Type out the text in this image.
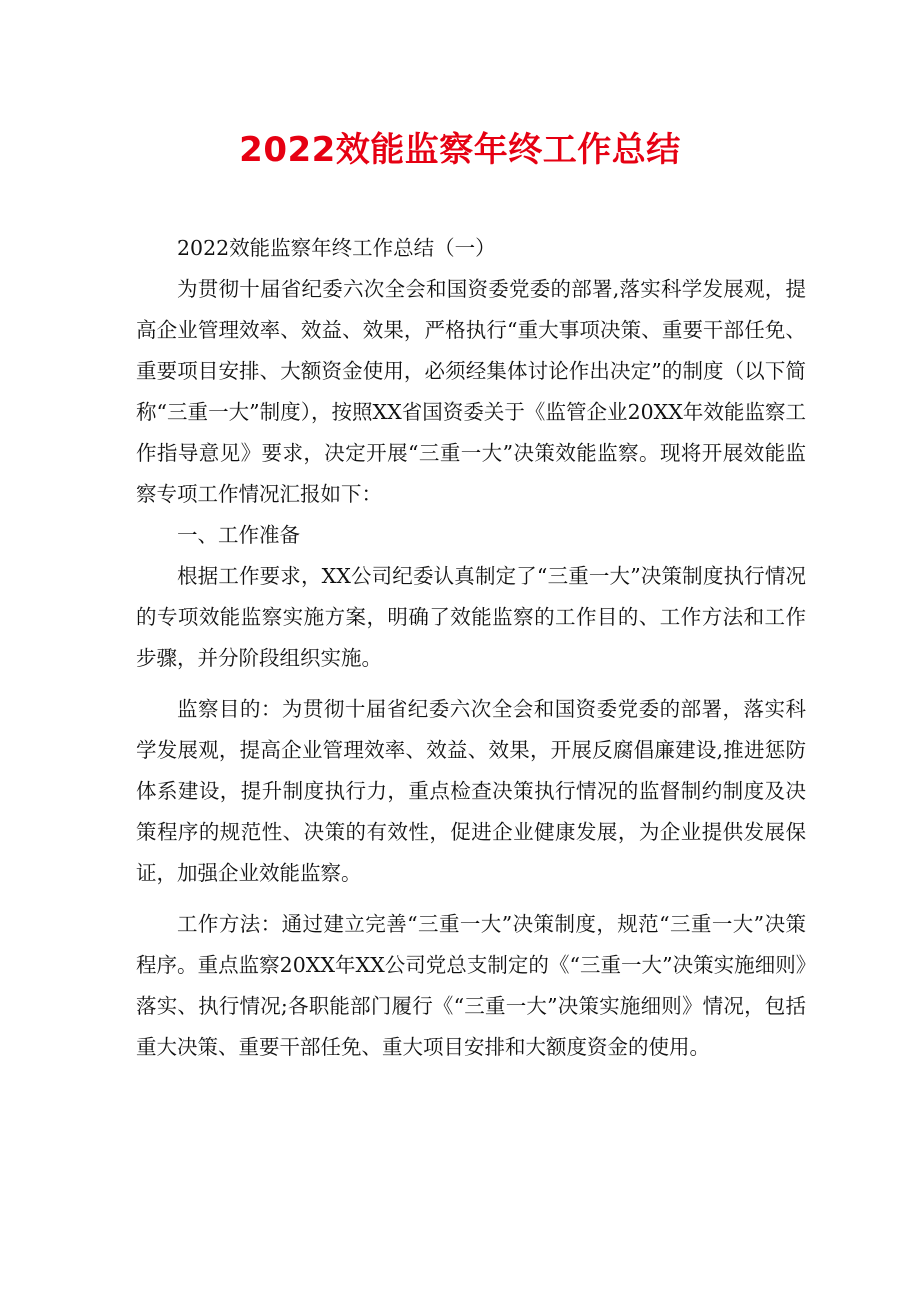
2022效能监察年终工作总结

2022效能监察年终工作总结（一）

为贯彻十届省纪委六次全会和国资委党委的部署,落实科学发展观，提高企业管理效率、效益、效果，严格执行“重大事项决策、重要干部任免、重要项目安排、大额资金使用，必须经集体讨论作出决定”的制度（以下简称“三重一大”制度），按照XX省国资委关于《监管企业20XX年效能监察工作指导意见》要求，决定开展“三重一大”决策效能监察。现将开展效能监察专项工作情况汇报如下：

一、工作准备

根据工作要求，XX公司纪委认真制定了“三重一大”决策制度执行情况的专项效能监察实施方案，明确了效能监察的工作目的、工作方法和工作步骤，并分阶段组织实施。

监察目的：为贯彻十届省纪委六次全会和国资委党委的部署，落实科学发展观，提高企业管理效率、效益、效果，开展反腐倡廉建设,推进惩防体系建设，提升制度执行力，重点检查决策执行情况的监督制约制度及决策程序的规范性、决策的有效性，促进企业健康发展，为企业提供发展保证，加强企业效能监察。

工作方法：通过建立完善“三重一大”决策制度，规范“三重一大”决策程序。重点监察20XX年XX公司党总支制定的《“三重一大”决策实施细则》落实、执行情况;各职能部门履行《“三重一大”决策实施细则》情况，包括重大决策、重要干部任免、重大项目安排和大额度资金的使用。
